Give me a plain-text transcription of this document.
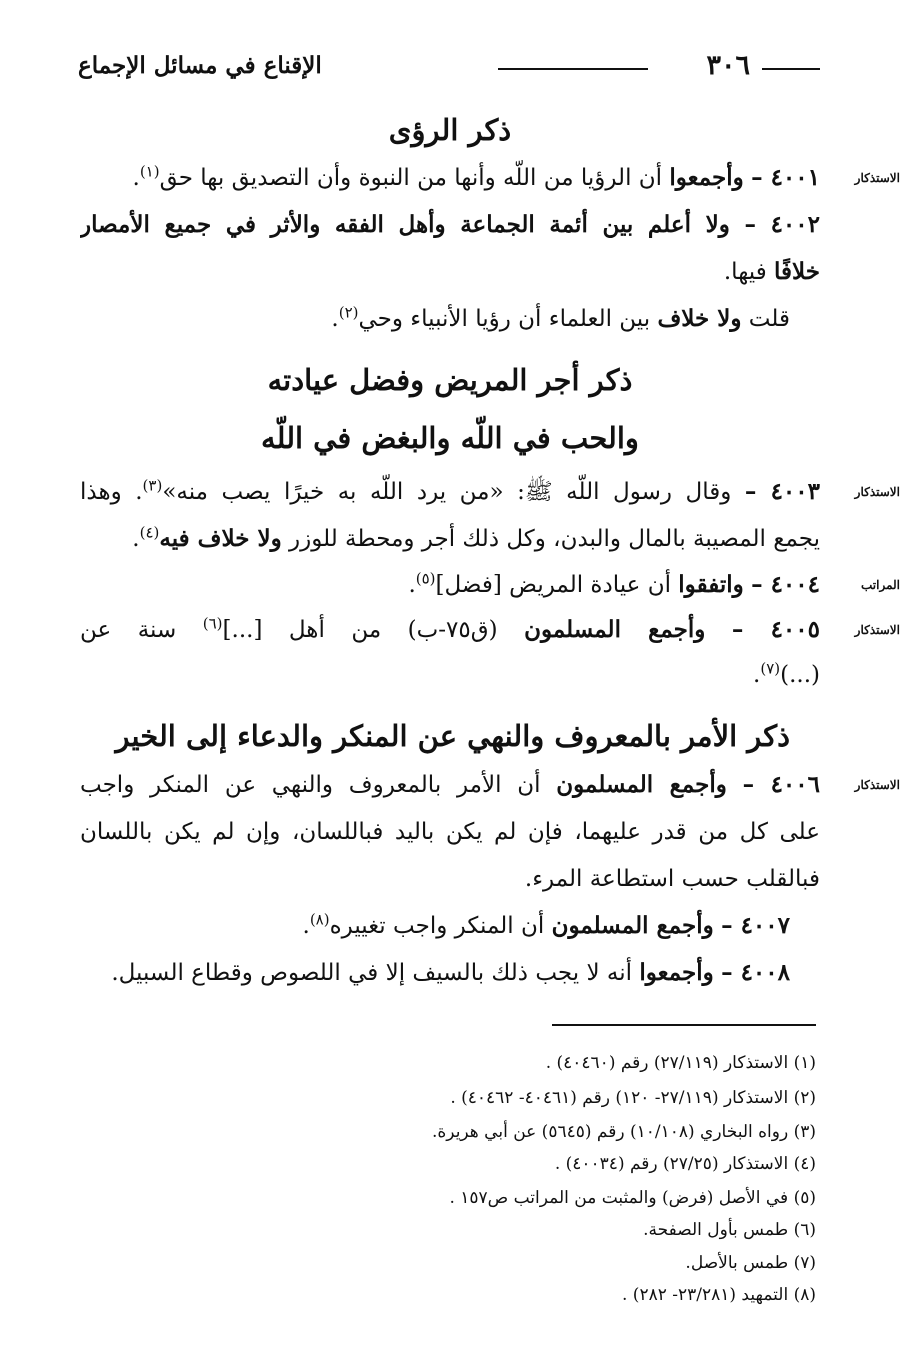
٣٠٦
الإقناع في مسائل الإجماع
ذكر الرؤى
الاستذكار
٤٠٠١ – وأجمعوا أن الرؤيا من اللّه وأنها من النبوة وأن التصديق بها حق$^{(١)}$.
٤٠٠٢ – ولا أعلم بين أئمة الجماعة وأهل الفقه والأثر في جميع الأمصار
خلافًا فيها.
قلت ولا خلاف بين العلماء أن رؤيا الأنبياء وحي$^{(٢)}$.
ذكر أجر المريض وفضل عيادته
والحب في اللّه والبغض في اللّه
الاستذكار
٤٠٠٣ – وقال رسول اللّه ﷺ: «من يرد اللّه به خيرًا يصب منه»$^{(٣)}$. وهذا
يجمع المصيبة بالمال والبدن، وكل ذلك أجر ومحطة للوزر ولا خلاف فيه$^{(٤)}$.
المراتب
٤٠٠٤ – واتفقوا أن عيادة المريض [فضل]$^{(٥)}$.
الاستذكار
٤٠٠٥ – وأجمع المسلمون (ق٧٥-ب) من أهل [...]$^{(٦)}$ سنة عن
(...)$^{(٧)}$.
ذكر الأمر بالمعروف والنهي عن المنكر والدعاء إلى الخير
الاستذكار
٤٠٠٦ – وأجمع المسلمون أن الأمر بالمعروف والنهي عن المنكر واجب
على كل من قدر عليهما، فإن لم يكن باليد فباللسان، وإن لم يكن باللسان
فبالقلب حسب استطاعة المرء.
٤٠٠٧ – وأجمع المسلمون أن المنكر واجب تغييره$^{(٨)}$.
٤٠٠٨ – وأجمعوا أنه لا يجب ذلك بالسيف إلا في اللصوص وقطاع السبيل.
(١) الاستذكار (٢٧/١١٩) رقم (٤٠٤٦٠) .
(٢) الاستذكار (٢٧/١١٩- ١٢٠) رقم (٤٠٤٦١- ٤٠٤٦٢) .
(٣) رواه البخاري (١٠/١٠٨) رقم (٥٦٤٥) عن أبي هريرة.
(٤) الاستذكار (٢٧/٢٥) رقم (٤٠٠٣٤) .
(٥) في الأصل (فرض) والمثبت من المراتب ص١٥٧ .
(٦) طمس بأول الصفحة.
(٧) طمس بالأصل.
(٨) التمهيد (٢٣/٢٨١- ٢٨٢) .
